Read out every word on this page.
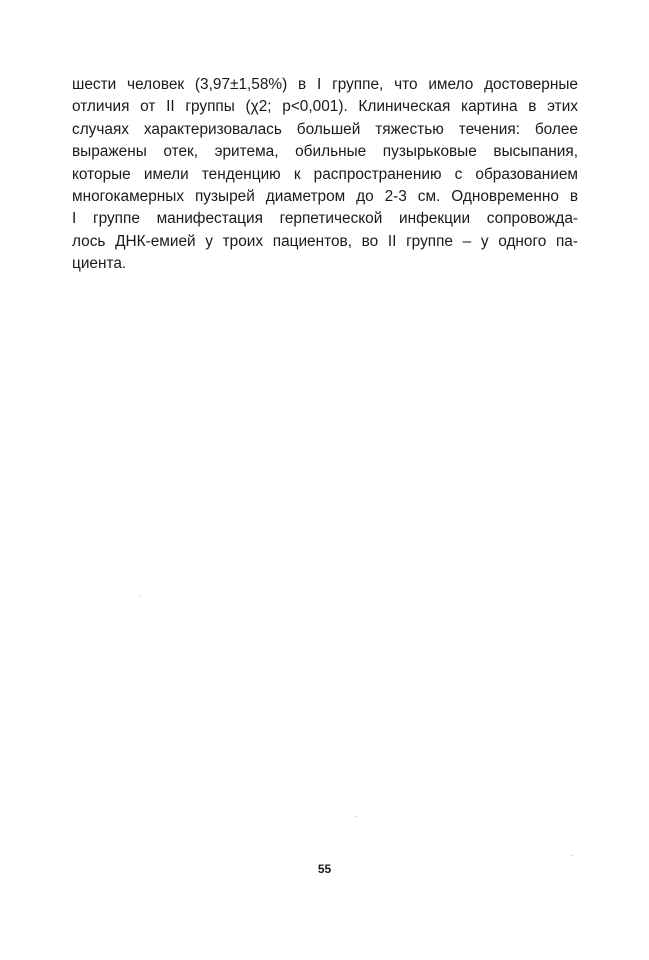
шести человек (3,97±1,58%) в I группе, что имело достоверные
отличия от II группы (χ2; p<0,001). Клиническая картина в этих
случаях характеризовалась большей тяжестью течения: более
выражены отек, эритема, обильные пузырьковые высыпания,
которые имели тенденцию к распространению с образованием
многокамерных пузырей диаметром до 2-3 см. Одновременно в
I группе манифестация герпетической инфекции сопровожда-
лось ДНК-емией у троих пациентов, во II группе – у одного па-
циента.
55
